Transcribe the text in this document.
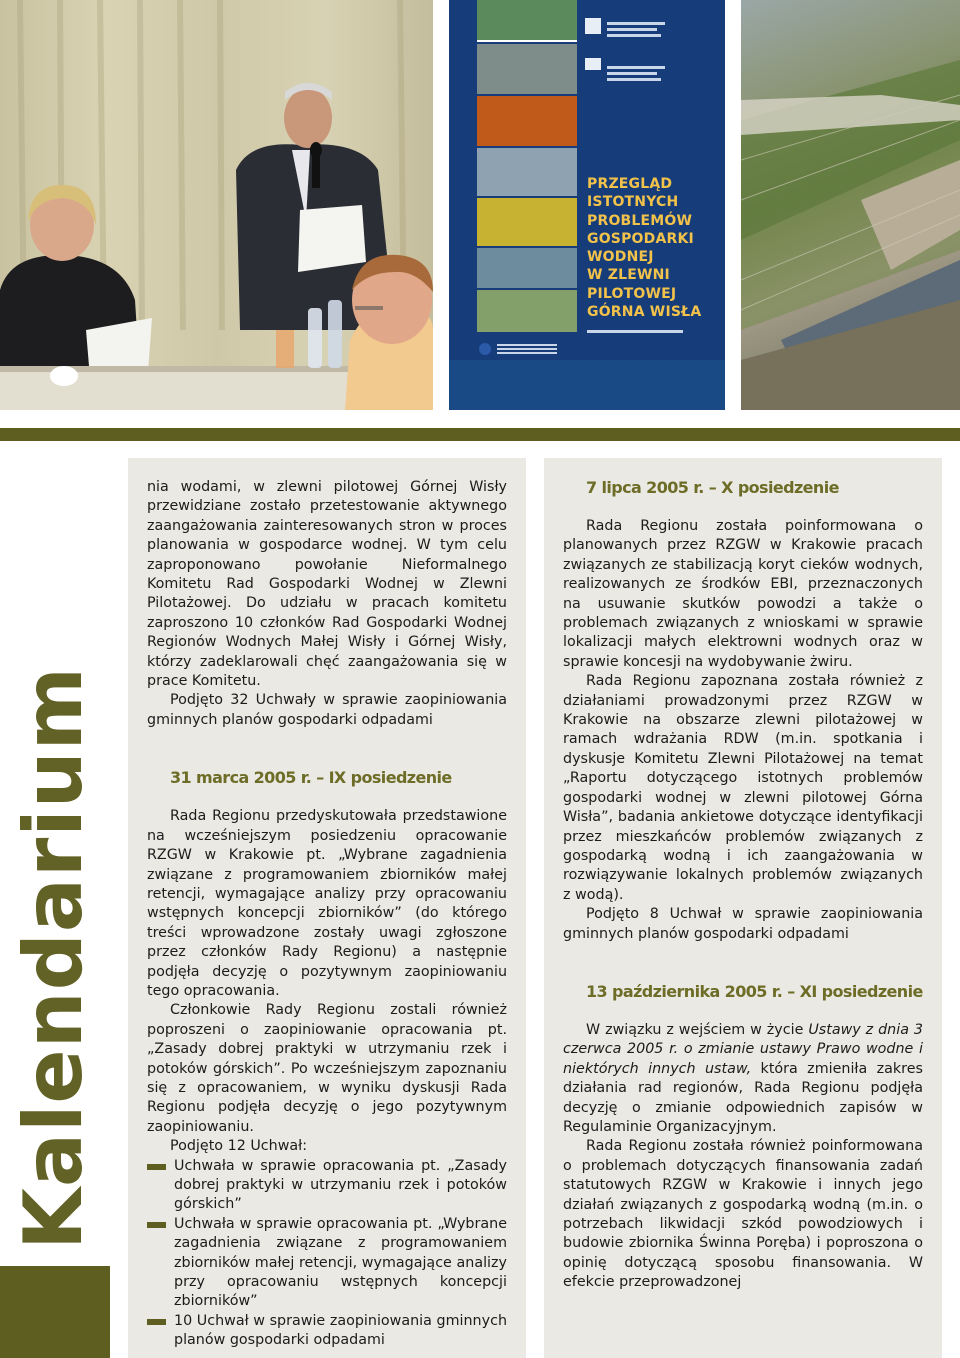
PRZEGLĄD
ISTOTNYCH
PROBLEMÓW
GOSPODARKI
WODNEJ
W ZLEWNI
PILOTOWEJ
GÓRNA WISŁA
Kalendarium

nia wodami, w zlewni pilotowej Górnej Wisły przewidziane zostało przetestowanie aktywnego zaangażowania zainteresowanych stron w proces planowania w gospodarce wodnej. W tym celu zaproponowano powołanie Nieformalnego Komitetu Rad Gospodarki Wodnej w Zlewni Pilotażowej. Do udziału w pracach komitetu zaproszono 10 członków Rad Gospodarki Wodnej Regionów Wodnych Małej Wisły i Górnej Wisły, którzy zadeklarowali chęć zaangażowania się w prace Komitetu.

Podjęto 32 Uchwały w sprawie zaopiniowania gminnych planów gospodarki odpadami

31 marca 2005 r. – IX posiedzenie

Rada Regionu przedyskutowała przedstawione na wcześniejszym posiedzeniu opracowanie RZGW w Krakowie pt. „Wybrane zagadnienia związane z programowaniem zbiorników małej retencji, wymagające analizy przy opracowaniu wstępnych koncepcji zbiorników” (do którego treści wprowadzone zostały uwagi zgłoszone przez członków Rady Regionu) a następnie podjęła decyzję o pozytywnym zaopiniowaniu tego opracowania.

Członkowie Rady Regionu zostali również poproszeni o zaopiniowanie opracowania pt. „Zasady dobrej praktyki w utrzymaniu rzek i potoków górskich”. Po wcześniejszym zapoznaniu się z opracowaniem, w wyniku dyskusji Rada Regionu podjęła decyzję o jego pozytywnym zaopiniowaniu.

Podjęto 12 Uchwał:

Uchwała w sprawie opracowania pt. „Zasady dobrej praktyki w utrzymaniu rzek i potoków górskich”
Uchwała w sprawie opracowania pt. „Wybrane zagadnienia związane z programowaniem zbiorników małej retencji, wymagające analizy przy opracowaniu wstępnych koncepcji zbiorników”
10 Uchwał w sprawie zaopiniowania gminnych planów gospodarki odpadami

7 lipca 2005 r. – X posiedzenie

Rada Regionu została poinformowana o planowanych przez RZGW w Krakowie pracach związanych ze stabilizacją koryt cieków wodnych, realizowanych ze środków EBI, przeznaczonych na usuwanie skutków powodzi a także o problemach związanych z wnioskami w sprawie lokalizacji małych elektrowni wodnych oraz w sprawie koncesji na wydobywanie żwiru.

Rada Regionu zapoznana została również z działaniami prowadzonymi przez RZGW w Krakowie na obszarze zlewni pilotażowej w ramach wdrażania RDW (m.in. spotkania i dyskusje Komitetu Zlewni Pilotażowej na temat „Raportu dotyczącego istotnych problemów gospodarki wodnej w zlewni pilotowej Górna Wisła”, badania ankietowe dotyczące identyfikacji przez mieszkańców problemów związanych z gospodarką wodną i ich zaangażowania w rozwiązywanie lokalnych problemów związanych z wodą).

Podjęto 8 Uchwał w sprawie zaopiniowania gminnych planów gospodarki odpadami

13 października 2005 r. – XI posiedzenie

W związku z wejściem w życie Ustawy z dnia 3 czerwca 2005 r. o zmianie ustawy Prawo wodne i niektórych innych ustaw, która zmieniła zakres działania rad regionów, Rada Regionu podjęła decyzję o zmianie odpowiednich zapisów w Regulaminie Organizacyjnym.

Rada Regionu została również poinformowana o problemach dotyczących finansowania zadań statutowych RZGW w Krakowie i innych jego działań związanych z gospodarką wodną (m.in. o potrzebach likwidacji szkód powodziowych i budowie zbiornika Świnna Poręba) i poproszona o opinię dotyczącą sposobu finansowania. W efekcie przeprowadzonej
